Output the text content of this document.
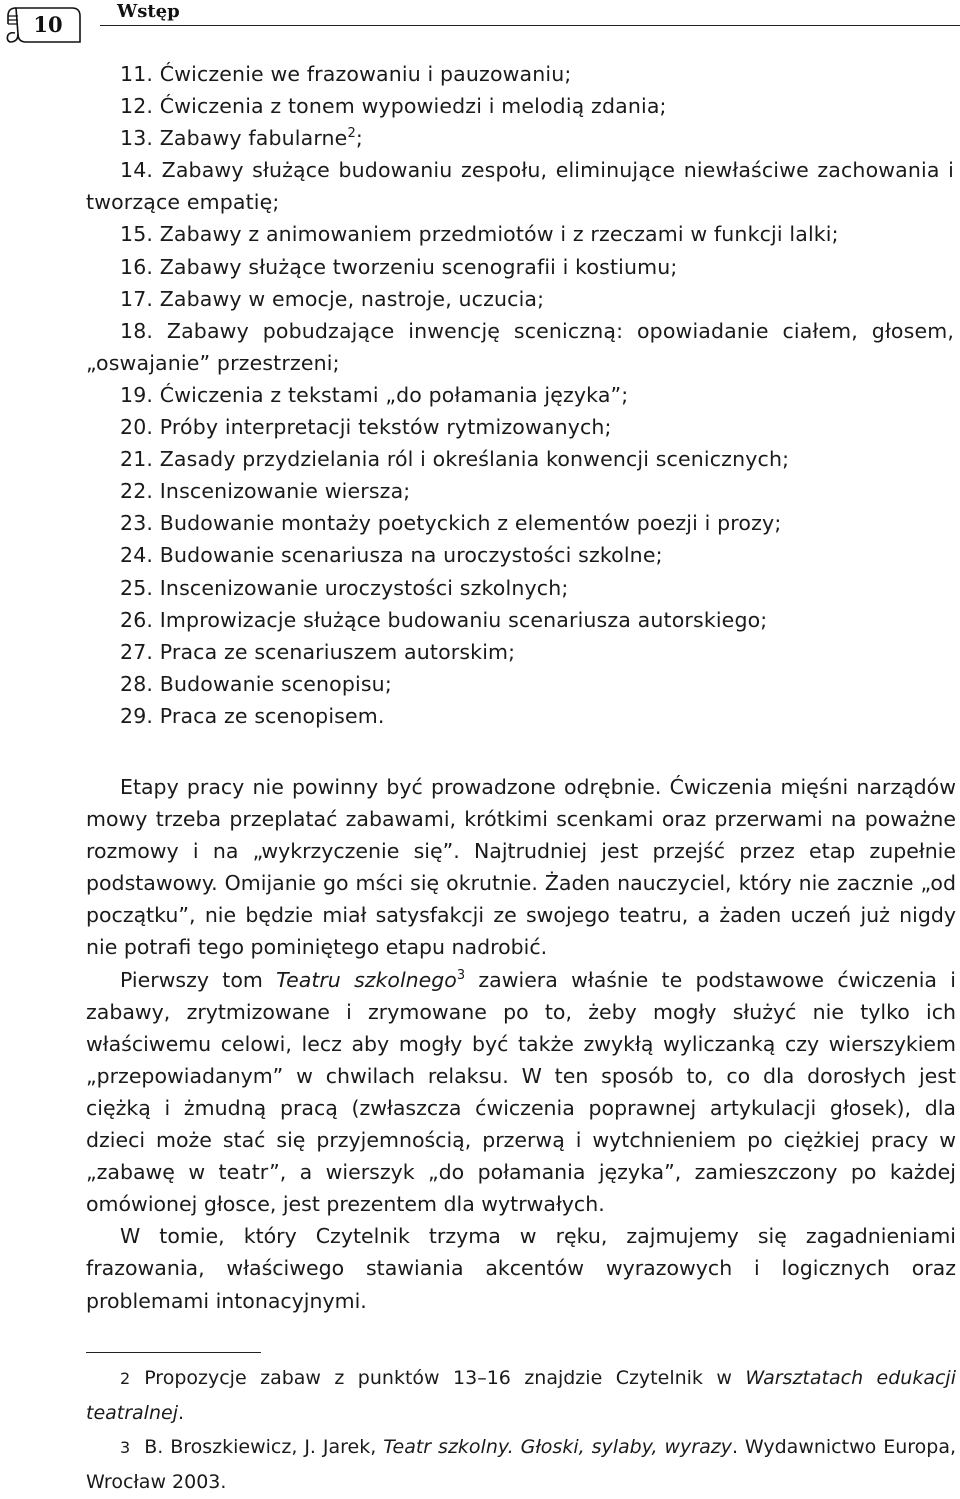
10
Wstęp
11. Ćwiczenie we frazowaniu i pauzowaniu;
12. Ćwiczenia z tonem wypowiedzi i melodią zdania;
13. Zabawy fabularne$^2$;
14. Zabawy służące budowaniu zespołu, eliminujące niewłaściwe zachowania i tworzące empatię;
15. Zabawy z animowaniem przedmiotów i z rzeczami w funkcji lalki;
16. Zabawy służące tworzeniu scenografii i kostiumu;
17. Zabawy w emocje, nastroje, uczucia;
18. Zabawy pobudzające inwencję sceniczną: opowiadanie ciałem, głosem, „oswajanie” przestrzeni;
19. Ćwiczenia z tekstami „do połamania języka”;
20. Próby interpretacji tekstów rytmizowanych;
21. Zasady przydzielania ról i określania konwencji scenicznych;
22. Inscenizowanie wiersza;
23. Budowanie montaży poetyckich z elementów poezji i prozy;
24. Budowanie scenariusza na uroczystości szkolne;
25. Inscenizowanie uroczystości szkolnych;
26. Improwizacje służące budowaniu scenariusza autorskiego;
27. Praca ze scenariuszem autorskim;
28. Budowanie scenopisu;
29. Praca ze scenopisem.

Etapy pracy nie powinny być prowadzone odrębnie. Ćwiczenia mięśni narządów mowy trzeba przeplatać zabawami, krótkimi scenkami oraz przerwami na poważne rozmowy i na „wykrzyczenie się”. Najtrudniej jest przejść przez etap zupełnie podstawowy. Omijanie go mści się okrutnie. Żaden nauczyciel, który nie zacznie „od początku”, nie będzie miał satysfakcji ze swojego teatru, a żaden uczeń już nigdy nie potrafi tego pominiętego etapu nadrobić.

Pierwszy tom Teatru szkolnego$^3$ zawiera właśnie te podstawowe ćwiczenia i zabawy, zrytmizowane i zrymowane po to, żeby mogły służyć nie tylko ich właściwemu celowi, lecz aby mogły być także zwykłą wyliczanką czy wierszykiem „przepowiadanym” w chwilach relaksu. W ten sposób to, co dla dorosłych jest ciężką i żmudną pracą (zwłaszcza ćwiczenia poprawnej artykulacji głosek), dla dzieci może stać się przyjemnością, przerwą i wytchnieniem po ciężkiej pracy w „zabawę w teatr”, a wierszyk „do połamania języka”, zamieszczony po każdej omówionej głosce, jest prezentem dla wytrwałych.

W tomie, który Czytelnik trzyma w ręku, zajmujemy się zagadnieniami frazowania, właściwego stawiania akcentów wyrazowych i logicznych oraz problemami intonacyjnymi.

2 Propozycje zabaw z punktów 13–16 znajdzie Czytelnik w Warsztatach edukacji teatralnej.

3 B. Broszkiewicz, J. Jarek, Teatr szkolny. Głoski, sylaby, wyrazy. Wydawnictwo Europa, Wrocław 2003.
